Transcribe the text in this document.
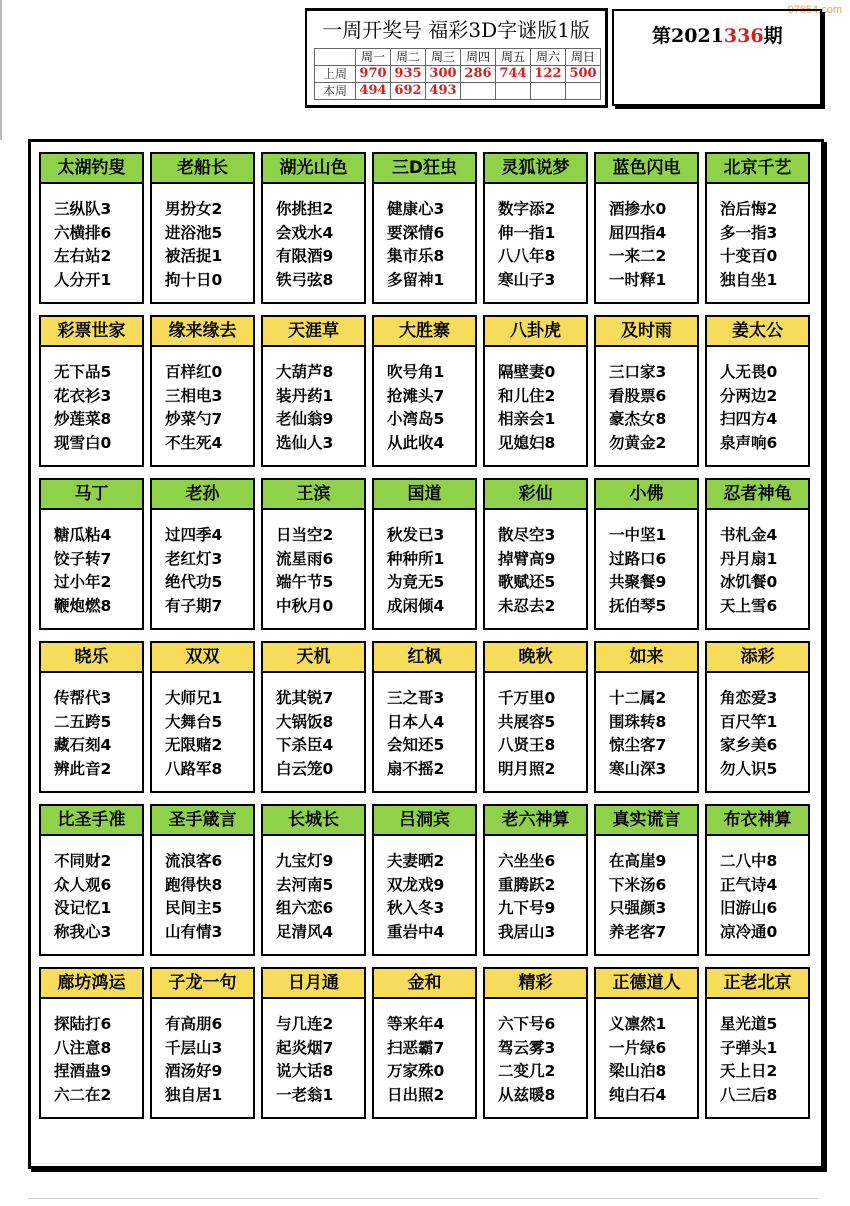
97654.com
一周开奖号 福彩3D字谜版1版
	周一	周二	周三	周四	周五	周六	周日
上周	970	935	300	286	744	122	500
本周	494	692	493				
第2021336期
太湖钓叟
三纵队3
六横排6
左右站2
人分开1
老船长
男扮女2
进浴池5
被活捉1
拘十日0
湖光山色
你挑担2
会戏水4
有限酒9
铁弓弦8
三D狂虫
健康心3
要深情6
集市乐8
多留神1
灵狐说梦
数字添2
伸一指1
八八年8
寒山子3
蓝色闪电
酒掺水0
屈四指4
一来二2
一时释1
北京千艺
治后悔2
多一指3
十变百0
独自坐1
彩票世家
无下品5
花衣衫3
炒莲菜8
现雪白0
缘来缘去
百样红0
三相电3
炒菜勺7
不生死4
天涯草
大葫芦8
装丹药1
老仙翁9
选仙人3
大胜寨
吹号角1
抢滩头7
小湾岛5
从此收4
八卦虎
隔壁妻0
和儿住2
相亲会1
见媳妇8
及时雨
三口家3
看股票6
豪杰女8
勿黄金2
姜太公
人无畏0
分两边2
扫四方4
泉声响6
马丁
糖瓜粘4
饺子转7
过小年2
鞭炮燃8
老孙
过四季4
老红灯3
绝代功5
有子期7
王滨
日当空2
流星雨6
端午节5
中秋月0
国道
秋发已3
种种所1
为竟无5
成闲倾4
彩仙
散尽空3
掉臂高9
歌赋还5
未忍去2
小佛
一中坚1
过路口6
共聚餐9
抚伯琴5
忍者神龟
书札金4
丹月扇1
冰饥餐0
天上雪6
晓乐
传帮代3
二五跨5
藏石刻4
辨此音2
双双
大师兄1
大舞台5
无限赌2
八路军8
天机
犹其锐7
大锅饭8
下杀臣4
白云笼0
红枫
三之哥3
日本人4
会知还5
扇不摇2
晚秋
千万里0
共展容5
八贤王8
明月照2
如来
十二属2
围珠转8
惊尘客7
寒山深3
添彩
角恋爱3
百尺竿1
家乡美6
勿人识5
比圣手准
不同财2
众人观6
没记忆1
称我心3
圣手箴言
流浪客6
跑得快8
民间主5
山有情3
长城长
九宝灯9
去河南5
组六恋6
足清风4
吕洞宾
夫妻晒2
双龙戏9
秋入冬3
重岩中4
老六神算
六坐坐6
重腾跃2
九下号9
我居山3
真实谎言
在高崖9
下米汤6
只强颜3
养老客7
布衣神算
二八中8
正气诗4
旧游山6
凉冷通0
廊坊鸿运
探陆打6
八注意8
捏酒蛊9
六二在2
子龙一句
有高朋6
千层山3
酒汤好9
独自居1
日月通
与几连2
起炎烟7
说大话8
一老翁1
金和
等来年4
扫恶霸7
万家殊0
日出照2
精彩
六下号6
驾云雾3
二变几2
从兹暖8
正德道人
义凛然1
一片绿6
梁山泊8
纯白石4
正老北京
星光道5
子弹头1
天上日2
八三后8
